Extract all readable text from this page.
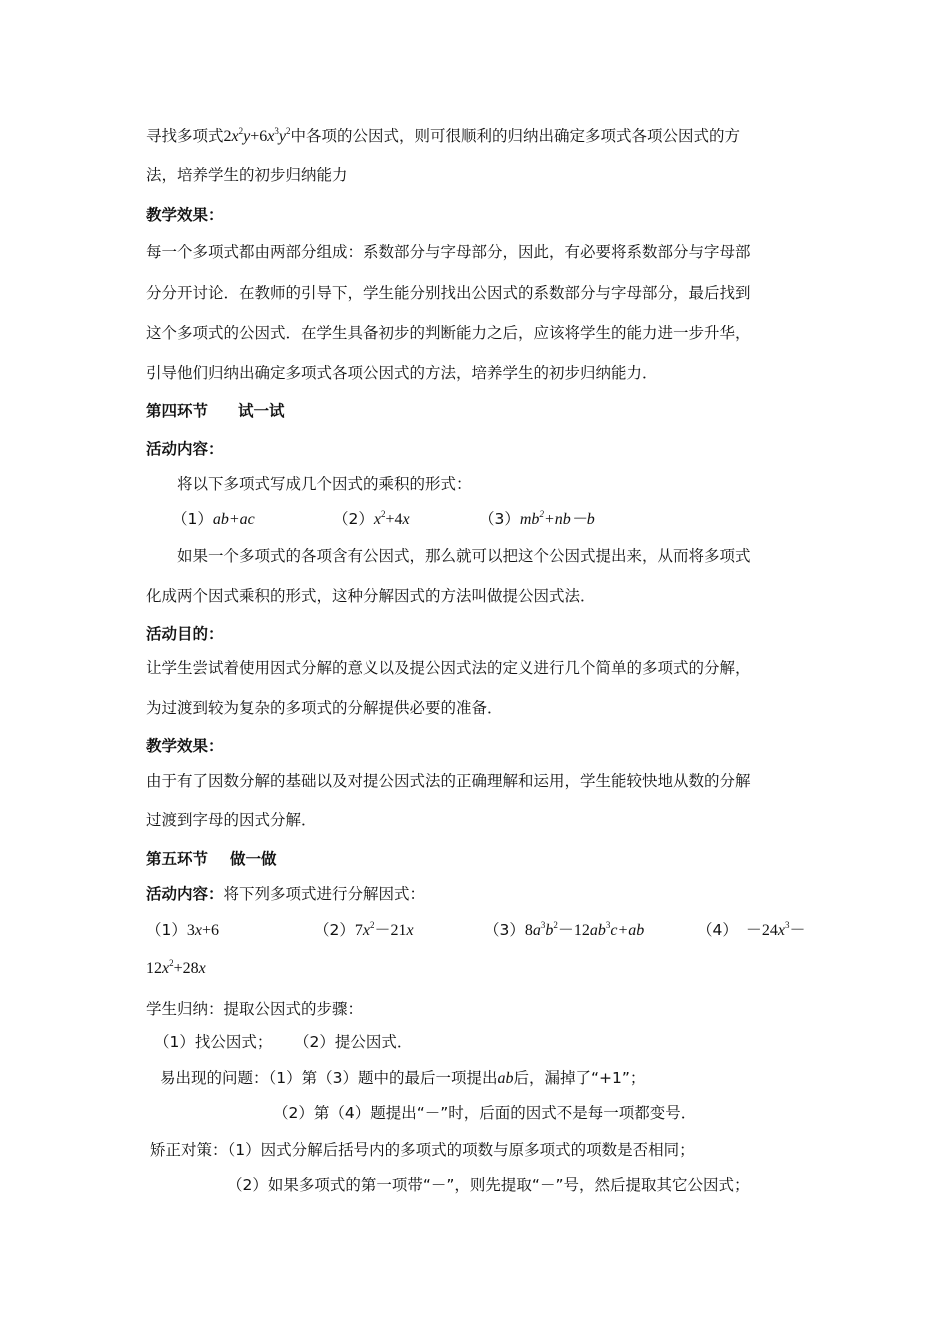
寻找多项式$2x^2y+6x^3y^2$中各项的公因式，则可很顺利的归纳出确定多项式各项公因式的方
法，培养学生的初步归纳能力
教学效果：
每一个多项式都由两部分组成：系数部分与字母部分，因此，有必要将系数部分与字母部
分分开讨论．在教师的引导下，学生能分别找出公因式的系数部分与字母部分，最后找到
这个多项式的公因式．在学生具备初步的判断能力之后，应该将学生的能力进一步升华，
引导他们归纳出确定多项式各项公因式的方法，培养学生的初步归纳能力．
第四环节 试一试
活动内容：
将以下多项式写成几个因式的乘积的形式：
（1）ab+ac	$(2)x^2+4x$	$(3)mb^2+nb-b$
如果一个多项式的各项含有公因式，那么就可以把这个公因式提出来，从而将多项式
化成两个因式乘积的形式，这种分解因式的方法叫做提公因式法．
活动目的：
让学生尝试着使用因式分解的意义以及提公因式法的定义进行几个简单的多项式的分解，
为过渡到较为复杂的多项式的分解提供必要的准备．
教学效果：
由于有了因数分解的基础以及对提公因式法的正确理解和运用，学生能较快地从数的分解
过渡到字母的因式分解．
第五环节 做一做
活动内容：将下列多项式进行分解因式：
（1）3x+6	$(2)7x^2-21x$	$(3)8a^3b^2-12ab^3c+ab$	$(4) -24x^3-$
$12x^2+28x$
学生归纳：提取公因式的步骤：
（1）找公因式； （2）提公因式．
易出现的问题：（1）第（3）题中的最后一项提出ab后，漏掉了“+1”；
（2）第（4）题提出“－”时，后面的因式不是每一项都变号．
矫正对策：（1）因式分解后括号内的多项式的项数与原多项式的项数是否相同；
（2）如果多项式的第一项带“－”，则先提取“－”号，然后提取其它公因式；
